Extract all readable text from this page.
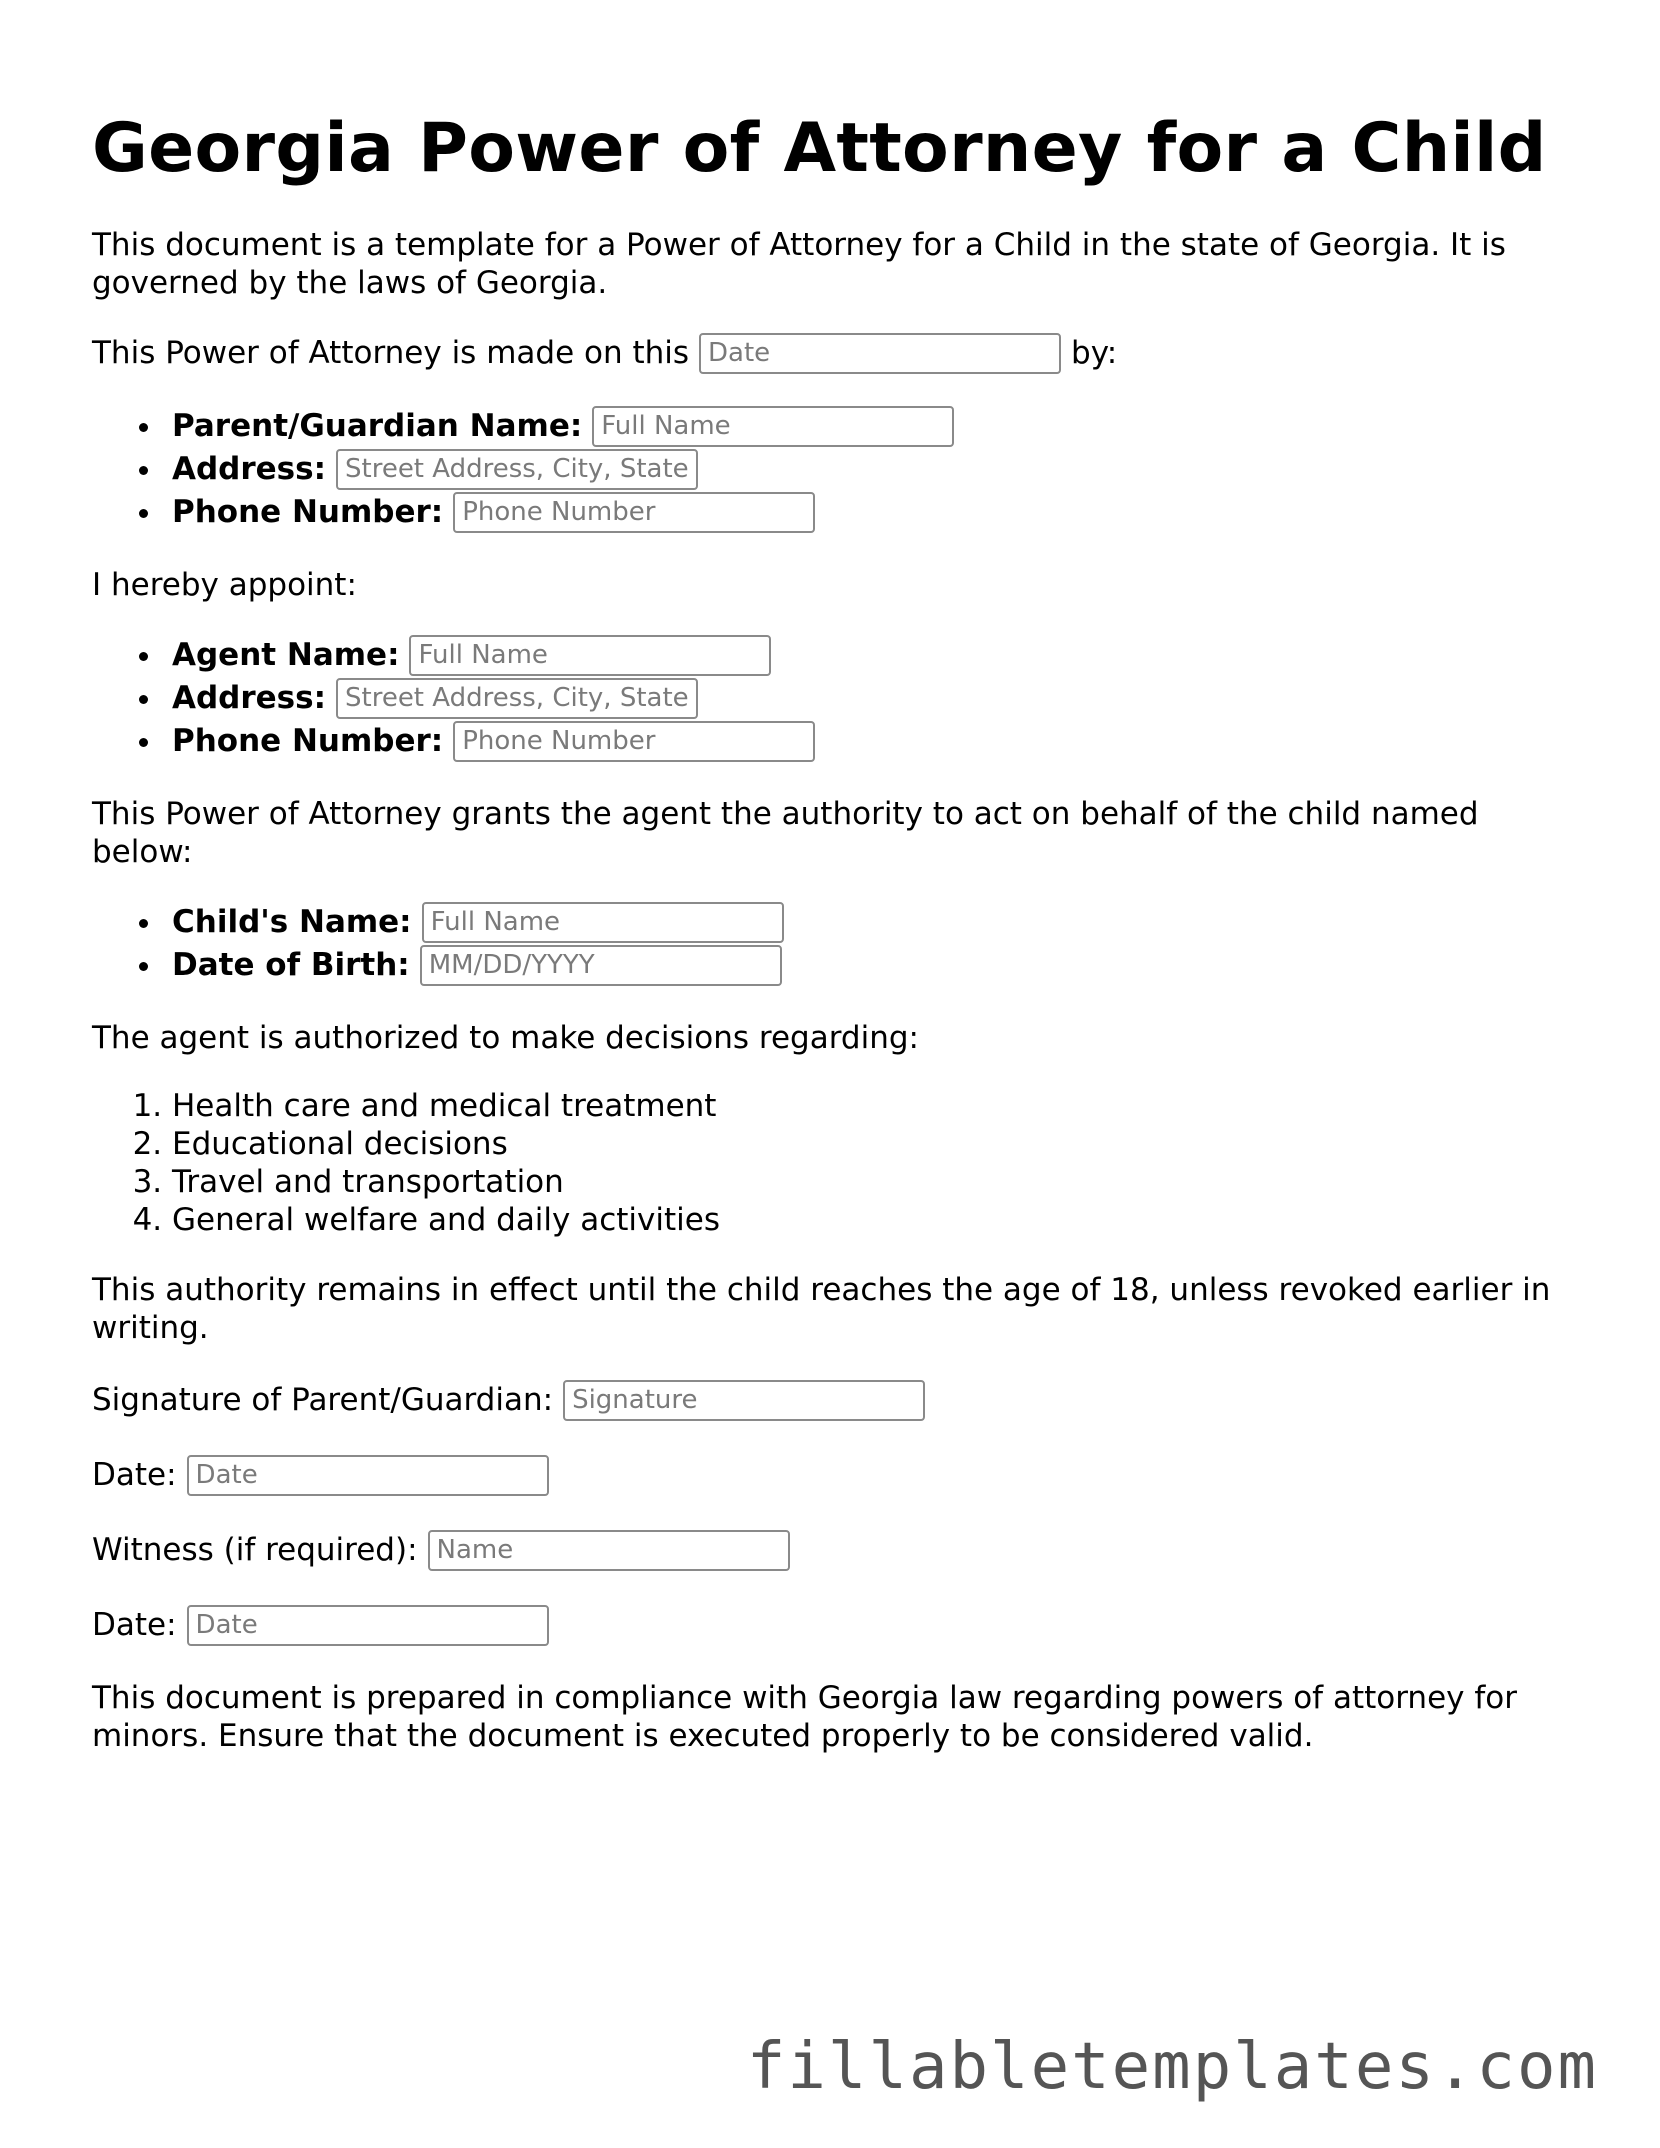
Georgia Power of Attorney for a Child

This document is a template for a Power of Attorney for a Child in the state of Georgia. It is governed by the laws of Georgia.

This Power of Attorney is made on this Date	by:
Parent/Guardian Name: Full Name
Address: Street Address, City, State
Phone Number: Phone Number

I hereby appoint:

Agent Name: Full Name
Address: Street Address, City, State
Phone Number: Phone Number

This Power of Attorney grants the agent the authority to act on behalf of the child named below:

Child's Name: Full Name
Date of Birth: MM/DD/YYYY

The agent is authorized to make decisions regarding:

1. Health care and medical treatment
2. Educational decisions
3. Travel and transportation
4. General welfare and daily activities

This authority remains in effect until the child reaches the age of 18, unless revoked earlier in writing.

Signature of Parent/Guardian: Signature
Date: Date
Witness (if required): Name
Date: Date

This document is prepared in compliance with Georgia law regarding powers of attorney for minors. Ensure that the document is executed properly to be considered valid.

fillabletemplates.com
